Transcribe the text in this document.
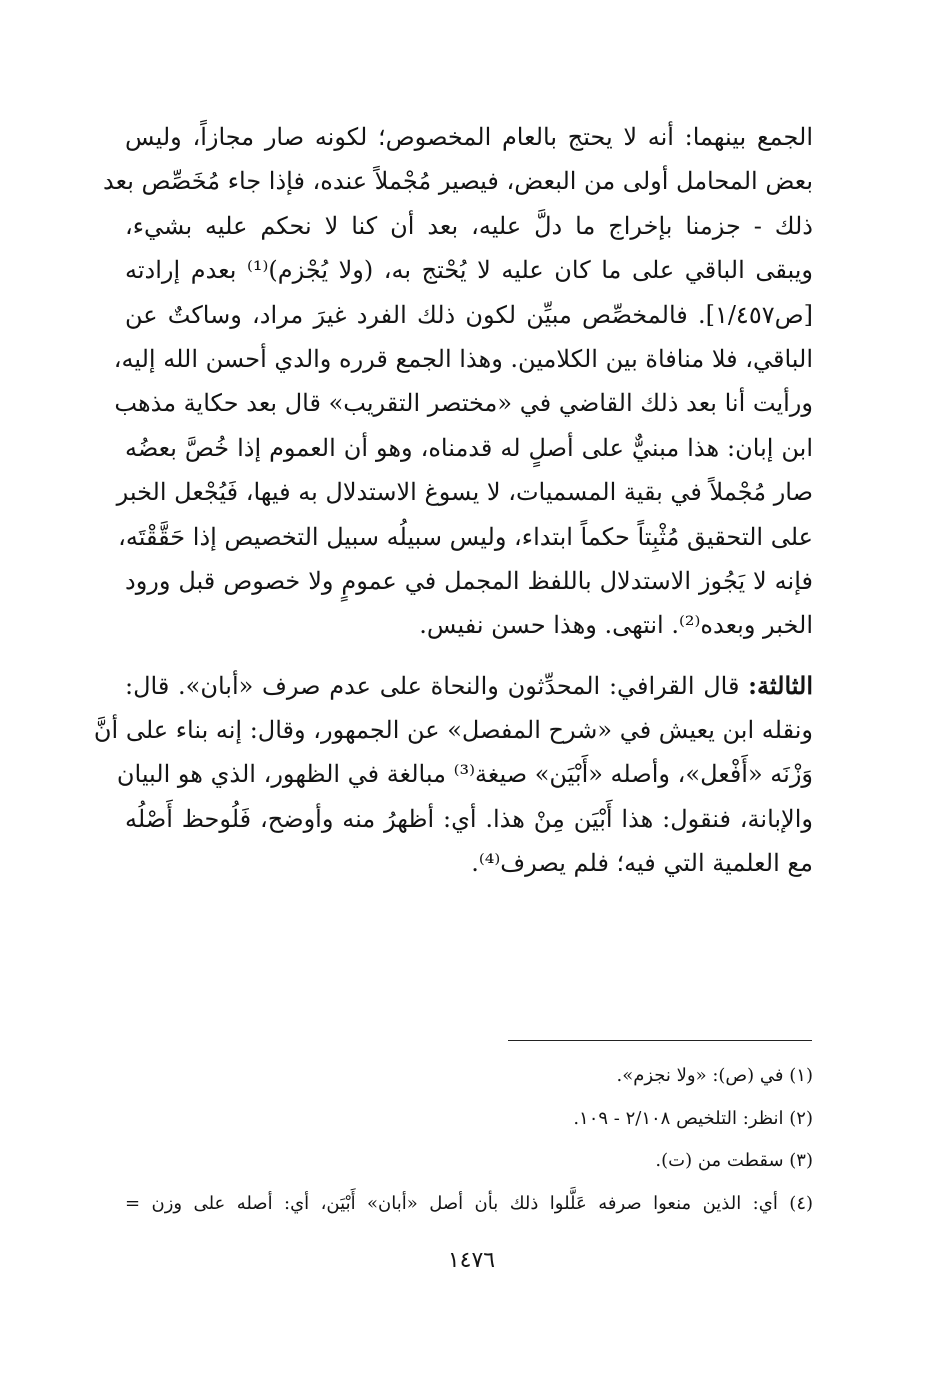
الجمع بينهما: أنه لا يحتج بالعام المخصوص؛ لكونه صار مجازاً، وليس
بعض المحامل أولى من البعض، فيصير مُجْملاً عنده، فإذا جاء مُخَصِّص بعد
ذلك - جزمنا بإخراج ما دلَّ عليه، بعد أن كنا لا نحكم عليه بشيء،
ويبقى الباقي على ما كان عليه لا يُحْتج به، (ولا يُجْزم)⁽¹⁾ بعدم إرادته
[ص١/٤٥٧]. فالمخصِّص مبيِّن لكون ذلك الفرد غيرَ مراد، وساكتٌ عن
الباقي، فلا منافاة بين الكلامين. وهذا الجمع قرره والدي أحسن الله إليه،
ورأيت أنا بعد ذلك القاضي في «مختصر التقريب» قال بعد حكاية مذهب
ابن إبان: هذا مبنيٌّ على أصلٍ له قدمناه، وهو أن العموم إذا خُصَّ بعضُه
صار مُجْملاً في بقية المسميات، لا يسوغ الاستدلال به فيها، فَيُجْعل الخبر
على التحقيق مُثْبِتاً حكماً ابتداء، وليس سبيلُه سبيل التخصيص إذا حَقَّقْتَه،
فإنه لا يَجُوز الاستدلال باللفظ المجمل في عمومٍ ولا خصوص قبل ورود
الخبر وبعده⁽²⁾. انتهى. وهذا حسن نفيس.
الثالثة: قال القرافي: المحدِّثون والنحاة على عدم صرف «أبان». قال:
ونقله ابن يعيش في «شرح المفصل» عن الجمهور، وقال: إنه بناء على أنَّ
وَزْنَه «أَفْعل»، وأصله «أَبْيَن» صيغة⁽³⁾ مبالغة في الظهور، الذي هو البيان
والإبانة، فنقول: هذا أَبْيَن مِنْ هذا. أي: أظهرُ منه وأوضح، فَلُوحظ أَصْلُه
مع العلمية التي فيه؛ فلم يصرف⁽⁴⁾.
(١) في (ص): «ولا نجزم».
(٢) انظر: التلخيص ٢/١٠٨ - ١٠٩.
(٣) سقطت من (ت).
(٤) أي: الذين منعوا صرفه عَلَّلوا ذلك بأن أصل «أبان» أَبْيَن، أي: أصله على وزن =
١٤٧٦
